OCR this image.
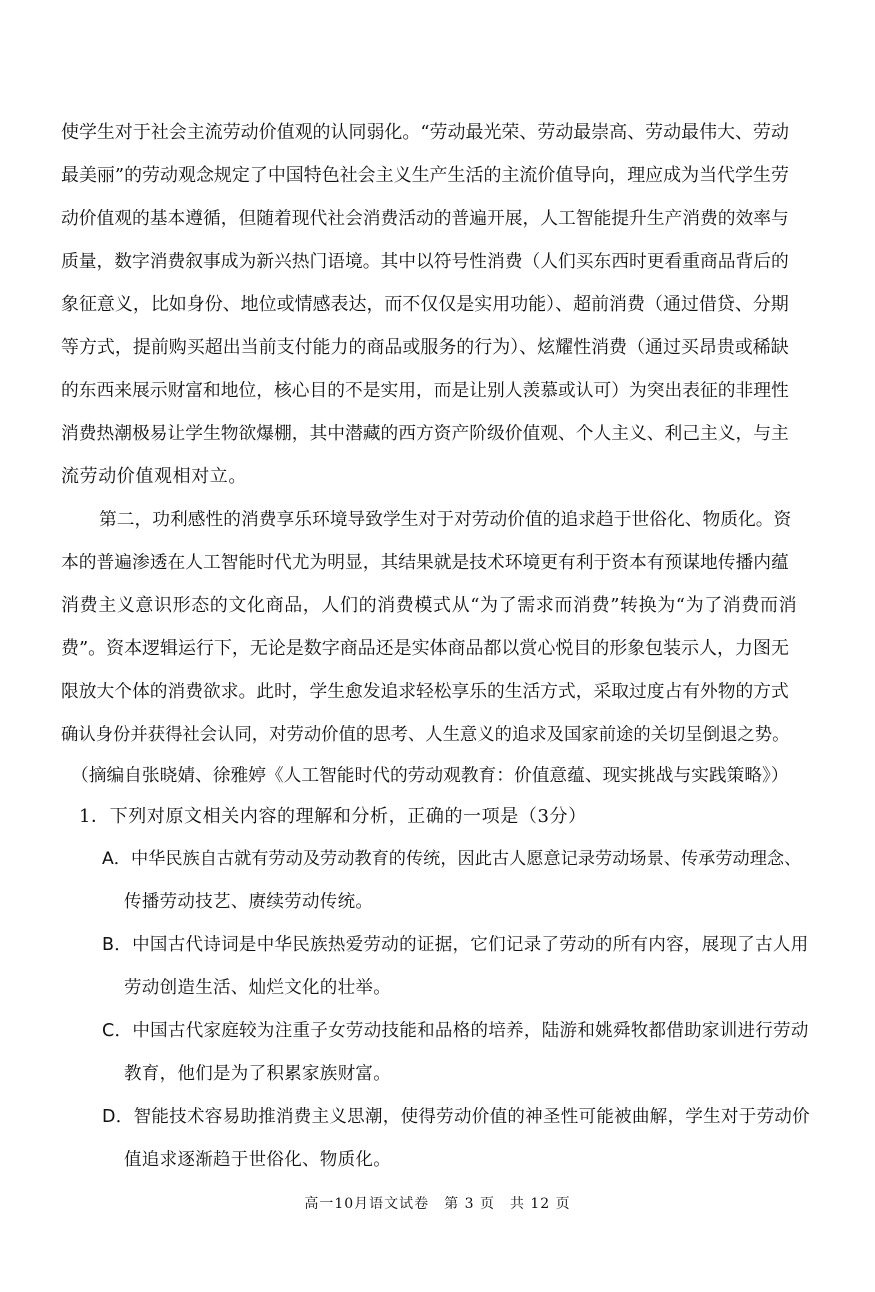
使学生对于社会主流劳动价值观的认同弱化。“劳动最光荣、劳动最崇高、劳动最伟大、劳动
最美丽”的劳动观念规定了中国特色社会主义生产生活的主流价值导向，理应成为当代学生劳
动价值观的基本遵循，但随着现代社会消费活动的普遍开展，人工智能提升生产消费的效率与
质量，数字消费叙事成为新兴热门语境。其中以符号性消费（人们买东西时更看重商品背后的
象征意义，比如身份、地位或情感表达，而不仅仅是实用功能）、超前消费（通过借贷、分期
等方式，提前购买超出当前支付能力的商品或服务的行为）、炫耀性消费（通过买昂贵或稀缺
的东西来展示财富和地位，核心目的不是实用，而是让别人羡慕或认可）为突出表征的非理性
消费热潮极易让学生物欲爆棚，其中潜藏的西方资产阶级价值观、个人主义、利己主义，与主
流劳动价值观相对立。
第二，功利感性的消费享乐环境导致学生对于对劳动价值的追求趋于世俗化、物质化。资
本的普遍渗透在人工智能时代尤为明显，其结果就是技术环境更有利于资本有预谋地传播内蕴
消费主义意识形态的文化商品，人们的消费模式从“为了需求而消费”转换为“为了消费而消
费”。资本逻辑运行下，无论是数字商品还是实体商品都以赏心悦目的形象包装示人，力图无
限放大个体的消费欲求。此时，学生愈发追求轻松享乐的生活方式，采取过度占有外物的方式
确认身份并获得社会认同，对劳动价值的思考、人生意义的追求及国家前途的关切呈倒退之势。
（摘编自张晓婧、徐雅婷《人工智能时代的劳动观教育：价值意蕴、现实挑战与实践策略》）
1．下列对原文相关内容的理解和分析，正确的一项是（3分）
A．中华民族自古就有劳动及劳动教育的传统，因此古人愿意记录劳动场景、传承劳动理念、
传播劳动技艺、赓续劳动传统。
B．中国古代诗词是中华民族热爱劳动的证据，它们记录了劳动的所有内容，展现了古人用
劳动创造生活、灿烂文化的壮举。
C．中国古代家庭较为注重子女劳动技能和品格的培养，陆游和姚舜牧都借助家训进行劳动
教育，他们是为了积累家族财富。
D．智能技术容易助推消费主义思潮，使得劳动价值的神圣性可能被曲解，学生对于劳动价
值追求逐渐趋于世俗化、物质化。
高一10月语文试卷　第 3 页　共 12 页
